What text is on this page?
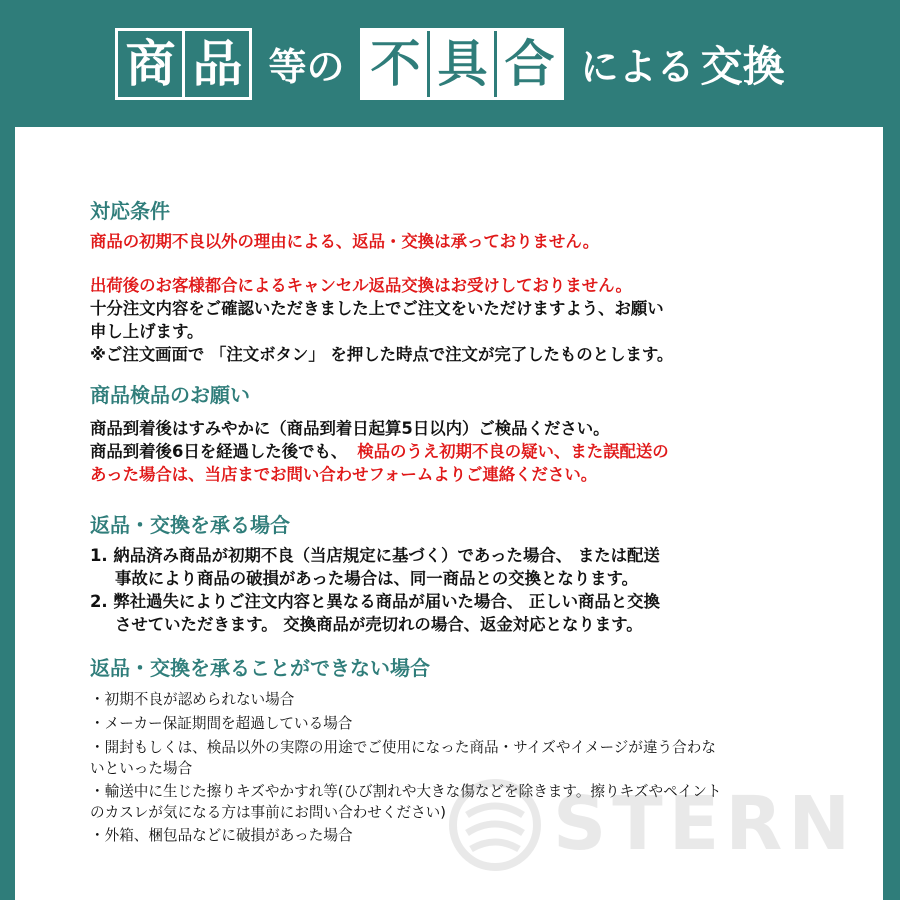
商 品 等の 不 具 合 による 交換
対応条件
商品の初期不良以外の理由による、返品・交換は承っておりません。
出荷後のお客様都合によるキャンセル返品交換はお受けしておりません。
十分注文内容をご確認いただきました上でご注文をいただけますよう、お願い
申し上げます。
※ご注文画面で 「注文ボタン」 を押した時点で注文が完了したものとします。
商品検品のお願い
商品到着後はすみやかに（商品到着日起算5日以内）ご検品ください。
商品到着後6日を経過した後でも、 検品のうえ初期不良の疑い、また誤配送の
あった場合は、当店までお問い合わせフォームよりご連絡ください。
返品・交換を承る場合
1. 納品済み商品が初期不良（当店規定に基づく）であった場合、 または配送
事故により商品の破損があった場合は、同一商品との交換となります。
2. 弊社過失によりご注文内容と異なる商品が届いた場合、 正しい商品と交換
させていただきます。 交換商品が売切れの場合、返金対応となります。
返品・交換を承ることができない場合
・初期不良が認められない場合
・メーカー保証期間を超過している場合
・開封もしくは、検品以外の実際の用途でご使用になった商品・サイズやイメージが違う合わな
いといった場合
・輸送中に生じた擦りキズやかすれ等(ひび割れや大きな傷などを除きます。擦りキズやペイント
のカスレが気になる方は事前にお問い合わせください)
・外箱、梱包品などに破損があった場合	STERN
